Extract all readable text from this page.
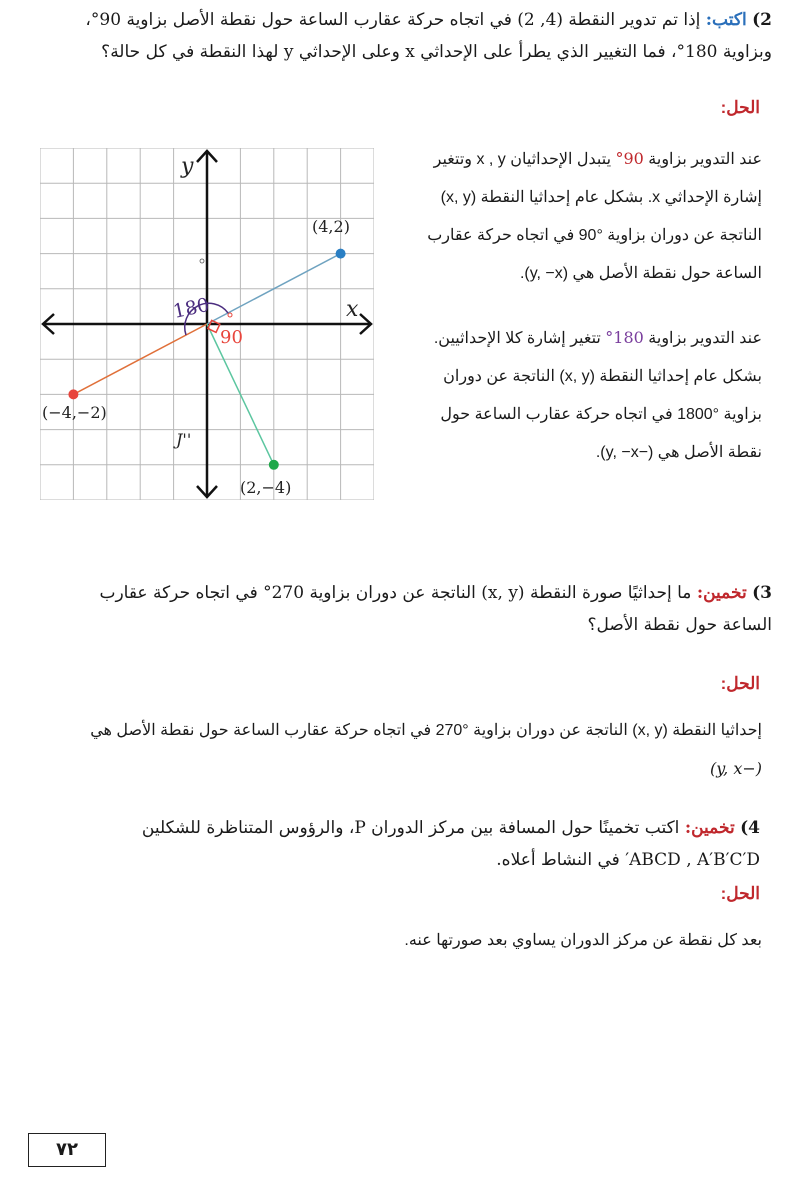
2) اكتب: إذا تم تدوير النقطة (4, 2) في اتجاه حركة عقارب الساعة حول نقطة الأصل بزاوية 90°،
وبزاوية 180°، فما التغيير الذي يطرأ على الإحداثي x وعلى الإحداثي y لهذا النقطة في كل حالة؟
الحل:
عند التدوير بزاوية 90° يتبدل الإحداثيان x , y وتتغير
إشارة الإحداثي x. بشكل عام إحداثيا النقطة (x, y)
الناتجة عن دوران بزاوية °90 في اتجاه حركة عقارب
الساعة حول نقطة الأصل هي (y, −x).
عند التدوير بزاوية 180° تتغير إشارة كلا الإحداثيين.
بشكل عام إحداثيا النقطة (x, y) الناتجة عن دوران
بزاوية °1800 في اتجاه حركة عقارب الساعة حول
نقطة الأصل هي (−y, −x).
y
x
(4,2)
(−4,−2)
(2,−4)
180
90
J''
3) تخمين: ما إحداثيًا صورة النقطة (x, y) الناتجة عن دوران بزاوية 270° في اتجاه حركة عقارب
الساعة حول نقطة الأصل؟
الحل:
إحداثيا النقطة (x, y) الناتجة عن دوران بزاوية °270 في اتجاه حركة عقارب الساعة حول نقطة الأصل هي
(−y, x)
4) تخمين: اكتب تخمينًا حول المسافة بين مركز الدوران P، والرؤوس المتناظرة للشكلين
ABCD , A′B′C′D′ في النشاط أعلاه.
الحل:
بعد كل نقطة عن مركز الدوران يساوي بعد صورتها عنه.
٧٢
